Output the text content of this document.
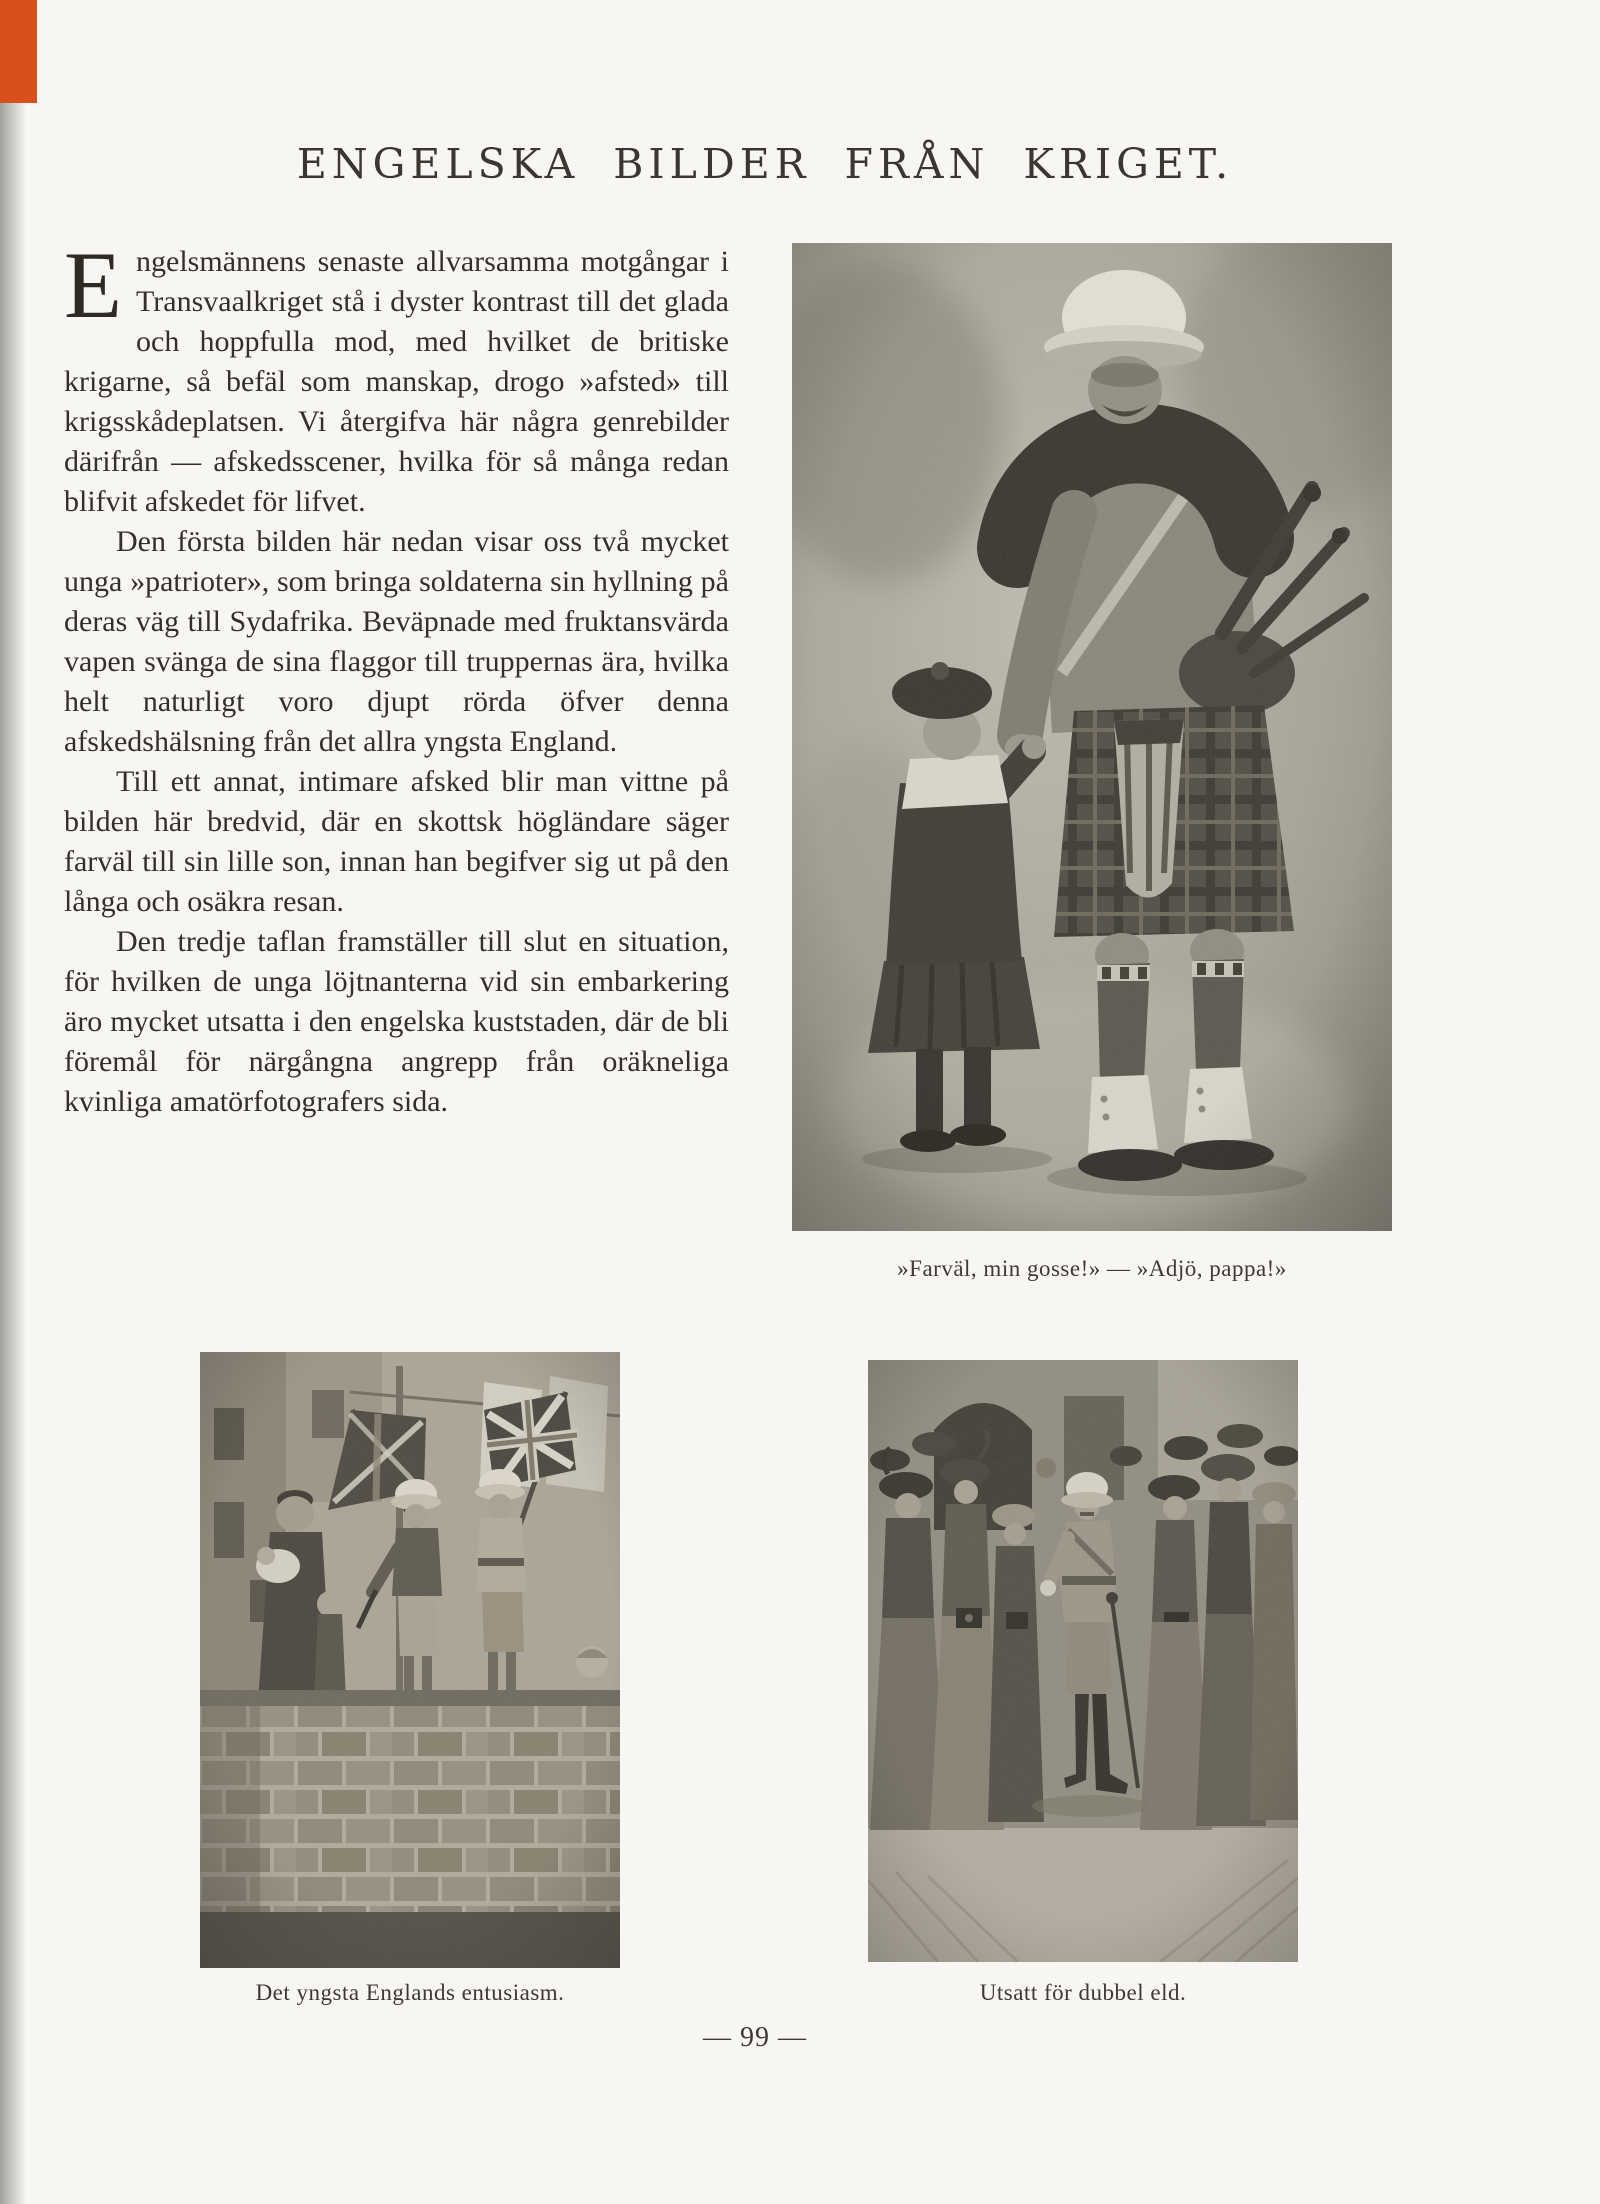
ENGELSKA BILDER FRÅN KRIGET.

Engelsmännens senaste allvarsamma motgångar i Transvaalkriget stå i dyster kontrast till det glada och hoppfulla mod, med hvilket de britiske krigarne, så befäl som manskap, drogo »afsted» till krigsskådeplatsen. Vi återgifva här några genrebilder därifrån — afskedsscener, hvilka för så många redan blifvit afskedet för lifvet.

Den första bilden här nedan visar oss två mycket unga »patrioter», som bringa soldaterna sin hyllning på deras väg till Sydafrika. Beväpnade med fruktansvärda vapen svänga de sina flaggor till truppernas ära, hvilka helt naturligt voro djupt rörda öfver denna afskedshälsning från det allra yngsta England.

Till ett annat, intimare afsked blir man vittne på bilden här bredvid, där en skottsk högländare säger farväl till sin lille son, innan han begifver sig ut på den långa och osäkra resan.

Den tredje taflan framställer till slut en situation, för hvilken de unga löjtnanterna vid sin embarkering äro mycket utsatta i den engelska kuststaden, där de bli föremål för närgångna angrepp från oräkneliga kvinliga amatörfotografers sida.

»Farväl, min gosse!» — »Adjö, pappa!»
Det yngsta Englands entusiasm.	Utsatt för dubbel eld.
— 99 —
